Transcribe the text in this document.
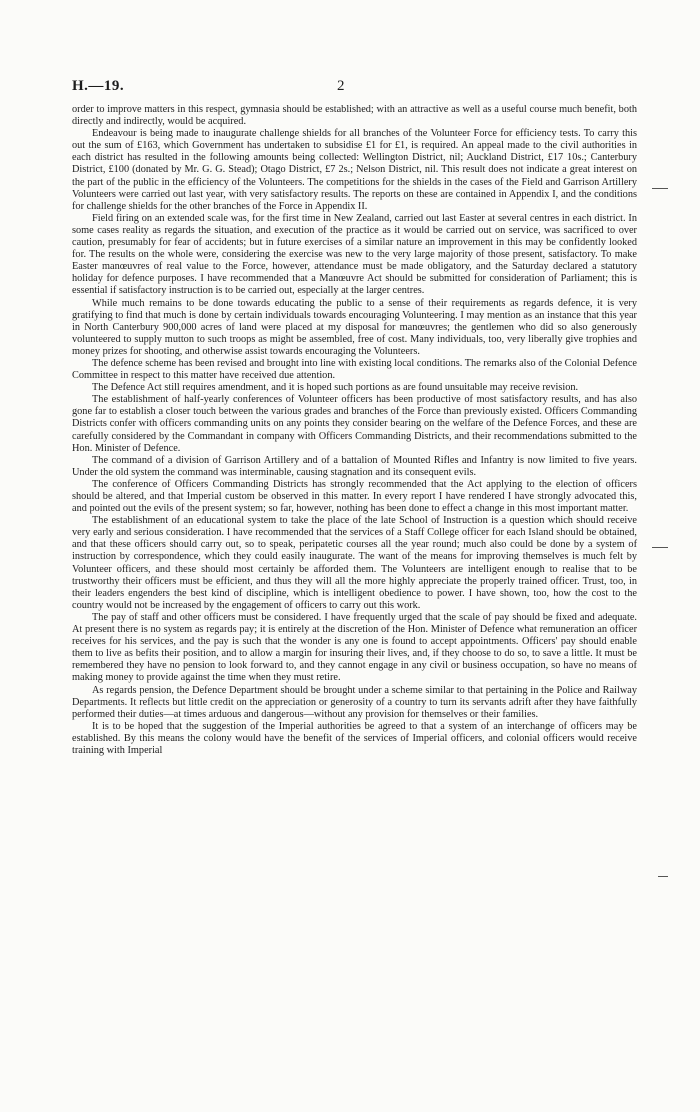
H.—19.	2

order to improve matters in this respect, gymnasia should be established; with an attractive as well as a useful course much benefit, both directly and indirectly, would be acquired.

Endeavour is being made to inaugurate challenge shields for all branches of the Volunteer Force for efficiency tests. To carry this out the sum of £163, which Government has undertaken to subsidise £1 for £1, is required. An appeal made to the civil authorities in each district has resulted in the following amounts being collected: Wellington District, nil; Auckland District, £17 10s.; Canterbury District, £100 (donated by Mr. G. G. Stead); Otago District, £7 2s.; Nelson District, nil. This result does not indicate a great interest on the part of the public in the efficiency of the Volunteers. The competitions for the shields in the cases of the Field and Garrison Artillery Volunteers were carried out last year, with very satisfactory results. The reports on these are contained in Appendix I, and the conditions for challenge shields for the other branches of the Force in Appendix II.

Field firing on an extended scale was, for the first time in New Zealand, carried out last Easter at several centres in each district. In some cases reality as regards the situation, and execution of the practice as it would be carried out on service, was sacrificed to over caution, presumably for fear of accidents; but in future exercises of a similar nature an improvement in this may be confidently looked for. The results on the whole were, considering the exercise was new to the very large majority of those present, satisfactory. To make Easter manœuvres of real value to the Force, however, attendance must be made obligatory, and the Saturday declared a statutory holiday for defence purposes. I have recommended that a Manœuvre Act should be submitted for consideration of Parliament; this is essential if satisfactory instruction is to be carried out, especially at the larger centres.

While much remains to be done towards educating the public to a sense of their requirements as regards defence, it is very gratifying to find that much is done by certain individuals towards encouraging Volunteering. I may mention as an instance that this year in North Canterbury 900,000 acres of land were placed at my disposal for manœuvres; the gentlemen who did so also generously volunteered to supply mutton to such troops as might be assembled, free of cost. Many individuals, too, very liberally give trophies and money prizes for shooting, and otherwise assist towards encouraging the Volunteers.

The defence scheme has been revised and brought into line with existing local conditions. The remarks also of the Colonial Defence Committee in respect to this matter have received due attention.

The Defence Act still requires amendment, and it is hoped such portions as are found unsuitable may receive revision.

The establishment of half-yearly conferences of Volunteer officers has been productive of most satisfactory results, and has also gone far to establish a closer touch between the various grades and branches of the Force than previously existed. Officers Commanding Districts confer with officers commanding units on any points they consider bearing on the welfare of the Defence Forces, and these are carefully considered by the Commandant in company with Officers Commanding Districts, and their recommendations submitted to the Hon. Minister of Defence.

The command of a division of Garrison Artillery and of a battalion of Mounted Rifles and Infantry is now limited to five years. Under the old system the command was interminable, causing stagnation and its consequent evils.

The conference of Officers Commanding Districts has strongly recommended that the Act applying to the election of officers should be altered, and that Imperial custom be observed in this matter. In every report I have rendered I have strongly advocated this, and pointed out the evils of the present system; so far, however, nothing has been done to effect a change in this most important matter.

The establishment of an educational system to take the place of the late School of Instruction is a question which should receive very early and serious consideration. I have recommended that the services of a Staff College officer for each Island should be obtained, and that these officers should carry out, so to speak, peripatetic courses all the year round; much also could be done by a system of instruction by correspondence, which they could easily inaugurate. The want of the means for improving themselves is much felt by Volunteer officers, and these should most certainly be afforded them. The Volunteers are intelligent enough to realise that to be trustworthy their officers must be efficient, and thus they will all the more highly appreciate the properly trained officer. Trust, too, in their leaders engenders the best kind of discipline, which is intelligent obedience to power. I have shown, too, how the cost to the country would not be increased by the engagement of officers to carry out this work.

The pay of staff and other officers must be considered. I have frequently urged that the scale of pay should be fixed and adequate. At present there is no system as regards pay; it is entirely at the discretion of the Hon. Minister of Defence what remuneration an officer receives for his services, and the pay is such that the wonder is any one is found to accept appointments. Officers' pay should enable them to live as befits their position, and to allow a margin for insuring their lives, and, if they choose to do so, to save a little. It must be remembered they have no pension to look forward to, and they cannot engage in any civil or business occupation, so have no means of making money to provide against the time when they must retire.

As regards pension, the Defence Department should be brought under a scheme similar to that pertaining in the Police and Railway Departments. It reflects but little credit on the appreciation or generosity of a country to turn its servants adrift after they have faithfully performed their duties—at times arduous and dangerous—without any provision for themselves or their families.

It is to be hoped that the suggestion of the Imperial authorities be agreed to that a system of an interchange of officers may be established. By this means the colony would have the benefit of the services of Imperial officers, and colonial officers would receive training with Imperial
